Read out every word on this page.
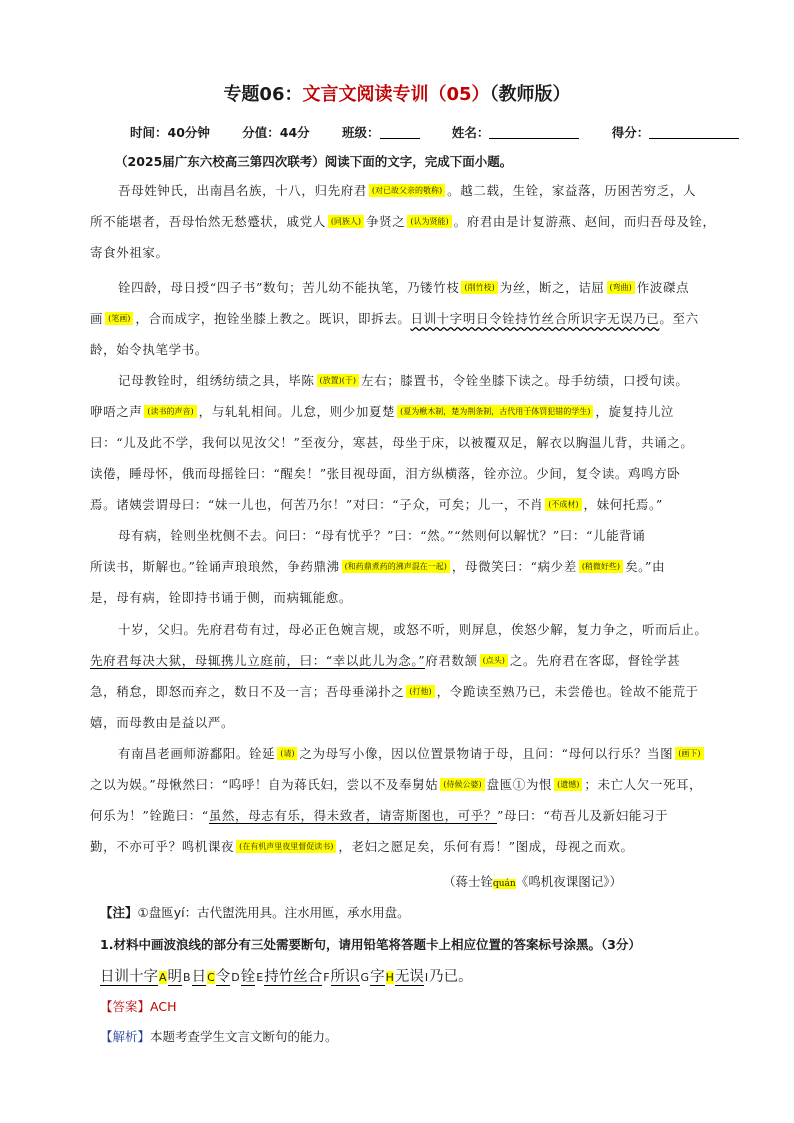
专题06：文言文阅读专训（05）（教师版）
时间：40分钟	分值：44分	班级：	姓名：	得分：
（2025届广东六校高三第四次联考）阅读下面的文字，完成下面小题。
吾母姓钟氏，出南昌名族，十八，归先府君 (对已故父亲的敬称) 。越二载，生铨，家益落，历困苦穷乏，人
所不能堪者，吾母怡然无愁蹙状，戚党人 (同族人) 争贤之 (认为贤能) 。府君由是计复游燕、赵间，而归吾母及铨，
寄食外祖家。
铨四龄，母日授“四子书”数句；苦儿幼不能执笔，乃镂竹枝 (削竹枝) 为丝，断之，诘屈 (弯曲) 作波磔点
画 (笔画) ，合而成字，抱铨坐膝上教之。既识，即拆去。日训十字明日令铨持竹丝合所识字无误乃已。至六
龄，始令执笔学书。
记母教铨时，组绣纺绩之具，毕陈 (放置)(于) 左右；膝置书，令铨坐膝下读之。母手纺绩，口授句读。
咿唔之声 (读书的声音) ，与轧轧相间。儿怠，则少加夏楚 (夏为楸木制，楚为荆条制，古代用于体罚犯错的学生) ，旋复持儿泣
曰：“儿及此不学，我何以见汝父！”至夜分，寒甚，母坐于床，以被覆双足，解衣以胸温儿背，共诵之。
读倦，睡母怀，俄而母摇铨曰：“醒矣！”张目视母面，泪方纵横落，铨亦泣。少间，复令读。鸡鸣方卧
焉。诸姨尝谓母曰：“妹一儿也，何苦乃尔！”对曰：“子众，可矣；儿一，不肖 (不成材) ，妹何托焉。”
母有病，铨则坐枕侧不去。问曰：“母有忧乎？”曰：“然。”“然则何以解忧？”曰：“儿能背诵
所读书，斯解也。”铨诵声琅琅然，争药鼎沸 (和药鼎煮药的沸声混在一起) ，母微笑曰：“病少差 (稍微好些) 矣。”由
是，母有病，铨即持书诵于侧，而病辄能愈。
十岁，父归。先府君苟有过，母必正色婉言规，或怒不听，则屏息，俟怒少解，复力争之，听而后止。
先府君每决大狱，母辄携儿立庭前，曰：“幸以此儿为念。”府君数颔 (点头) 之。先府君在客邸，督铨学甚
急，稍怠，即怒而弃之，数日不及一言；吾母垂涕扑之 (打他) ，令跪读至熟乃已，未尝倦也。铨故不能荒于
嬉，而母教由是益以严。
有南昌老画师游鄱阳。铨延 (请) 之为母写小像，因以位置景物请于母，且问：“母何以行乐？当图 (画下)
之以为娱。”母愀然曰：“呜呼！自为蒋氏妇，尝以不及奉舅姑 (侍候公婆) 盘匜①为恨 (遗憾) ；未亡人欠一死耳，
何乐为！”铨跪曰：“虽然，母志有乐，得未致者，请寄斯图也，可乎？”母曰：“苟吾儿及新妇能习于
勤，不亦可乎？鸣机课夜 (在有机声里夜里督促读书) ，老妇之愿足矣，乐何有焉！”图成，母视之而欢。
（蒋士铨quán《鸣机夜课图记》）
【注】①盘匜yí：古代盥洗用具。注水用匜，承水用盘。
1.材料中画波浪线的部分有三处需要断句，请用铅笔将答题卡上相应位置的答案标号涂黑。（3分）
日训十字A明B日C令D铨E持竹丝合F所识G字H无误I乃已。
【答案】ACH
【解析】本题考查学生文言文断句的能力。
